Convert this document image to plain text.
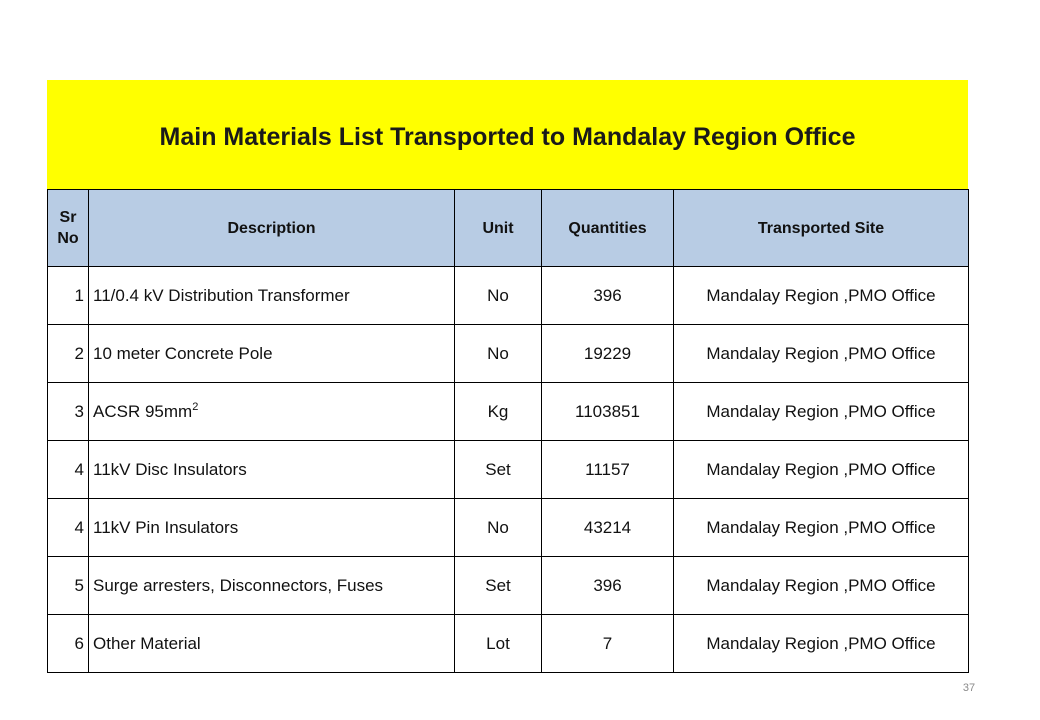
Main Materials List Transported to Mandalay Region Office
Sr No	Description	Unit	Quantities	Transported Site
1	11/0.4 kV Distribution Transformer	No	396	Mandalay Region ,PMO Office
2	10 meter Concrete Pole	No	19229	Mandalay Region ,PMO Office
3	ACSR $95mm^2$	Kg	1103851	Mandalay Region ,PMO Office
4	11kV Disc Insulators	Set	11157	Mandalay Region ,PMO Office
4	11kV Pin Insulators	No	43214	Mandalay Region ,PMO Office
5	Surge arresters, Disconnectors, Fuses	Set	396	Mandalay Region ,PMO Office
6	Other Material	Lot	7	Mandalay Region ,PMO Office
37
